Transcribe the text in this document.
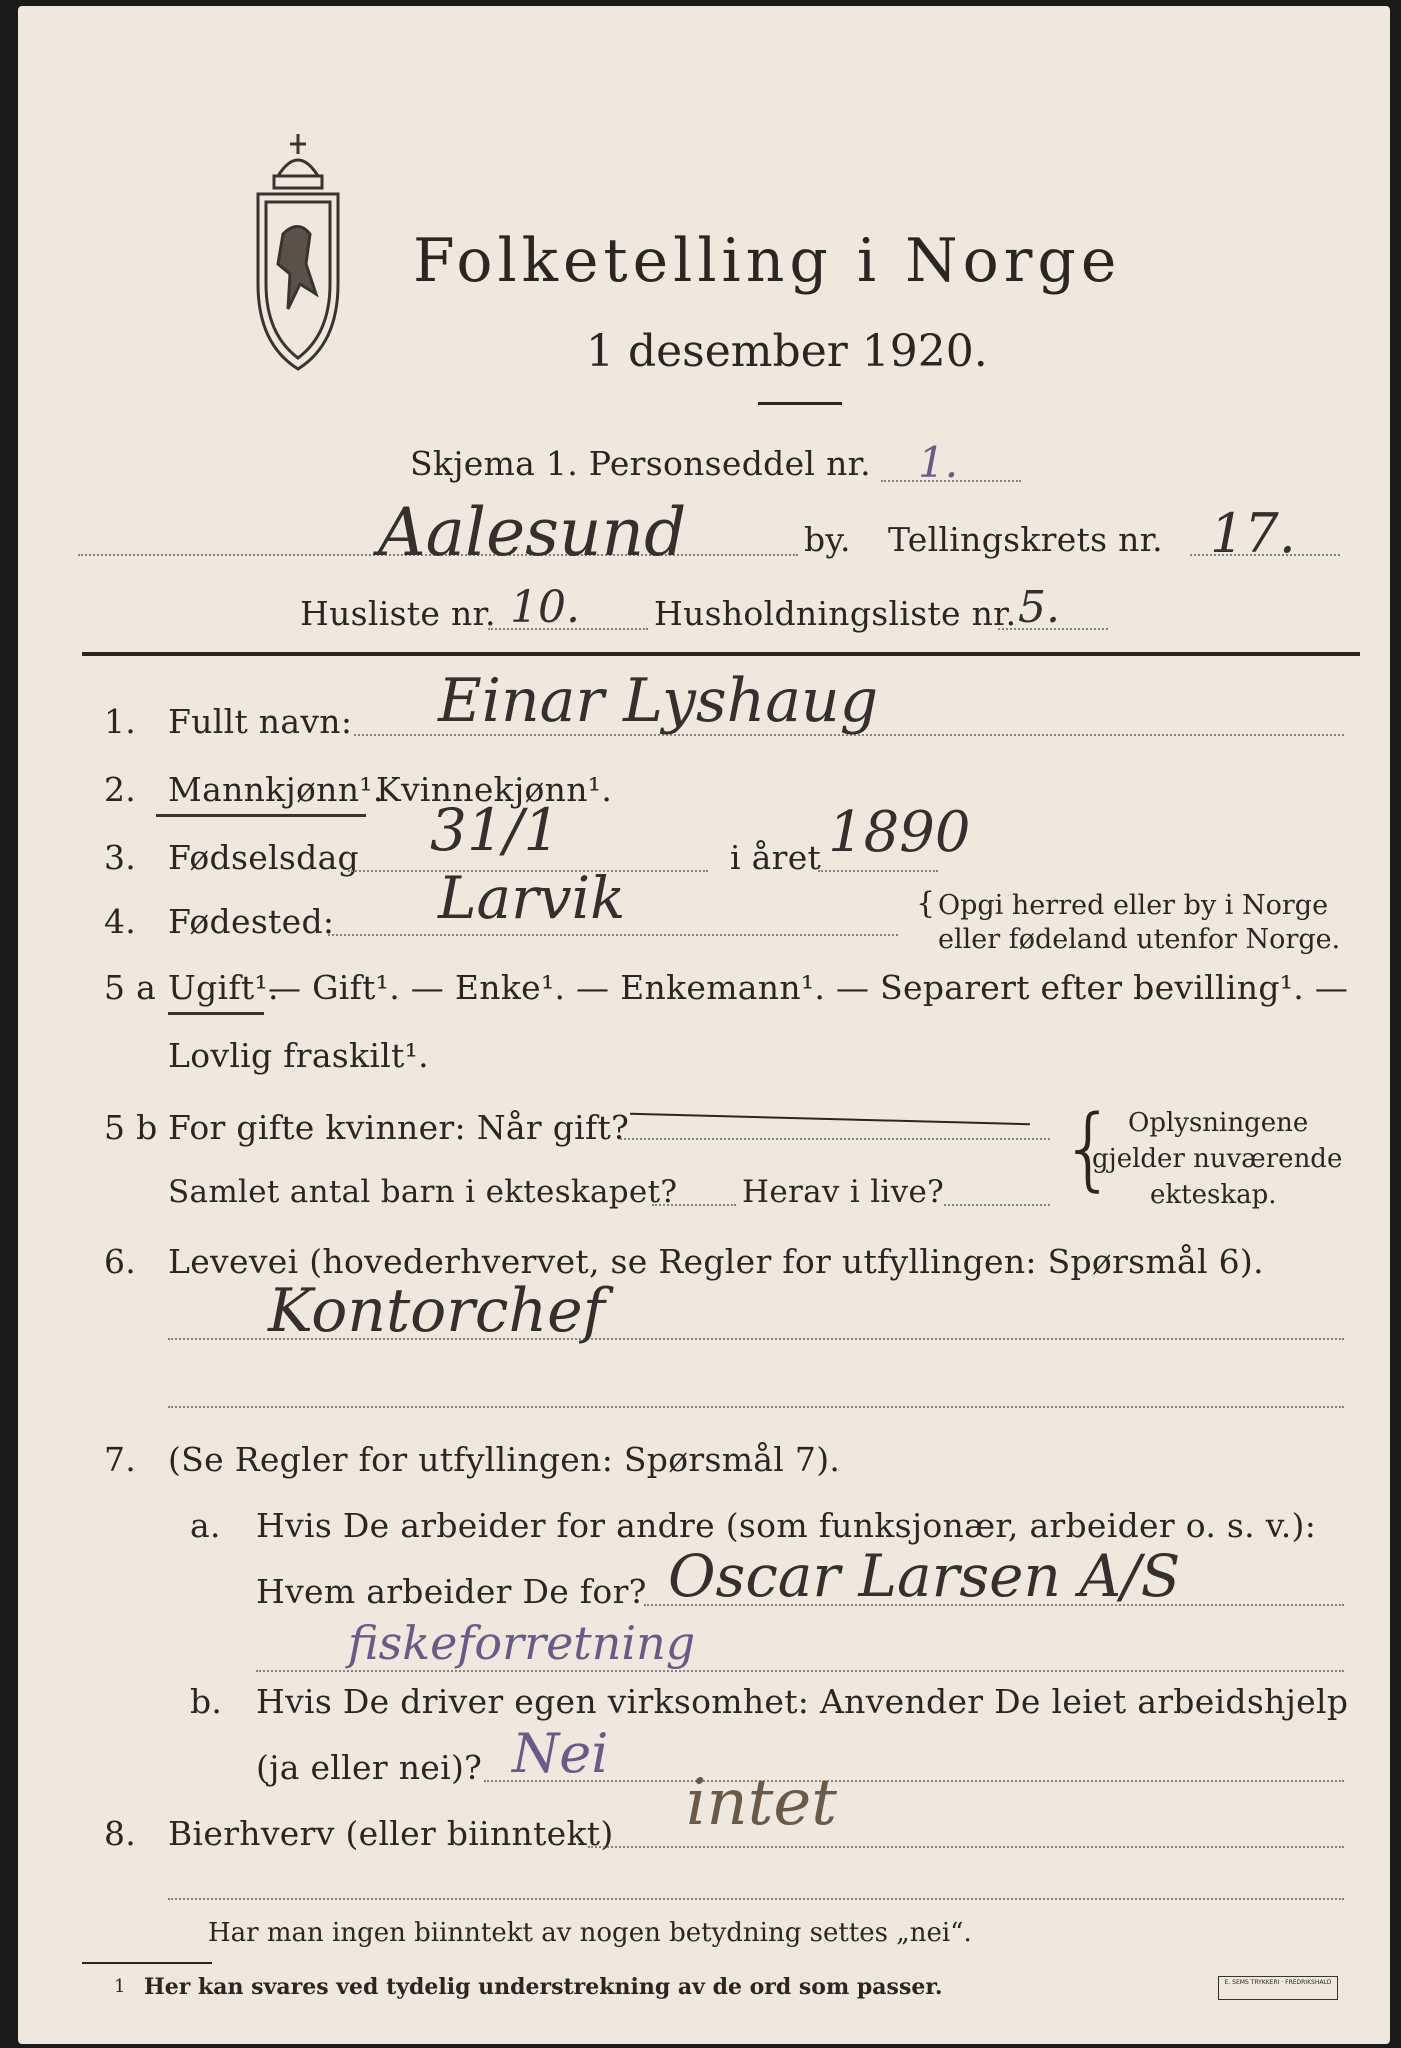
Folketelling i Norge
1 desember 1920.
Skjema 1. Personseddel nr. 1.
Aalesund	by. Tellingskrets nr. 17.
Husliste nr. 10. Husholdningsliste nr. 5.
1. Fullt navn: Einar Lyshaug
2. Mannkjønn¹.
Kvinnekjønn¹.
3. Fødselsdag 31/1	i året 1890
4. Fødested: Larvik	{ Opgi herred eller by i Norge
eller fødeland utenfor Norge.
5 a Ugift¹.
— Gift¹. — Enke¹. — Enkemann¹. — Separert efter bevilling¹. —
Lovlig fraskilt¹.
5 b For gifte kvinner: Når gift?
Samlet antal barn i ekteskapet? Herav i live? { Oplysningene
gjelder nuværende
ekteskap.
6. Levevei (hovederhvervet, se Regler for utfyllingen: Spørsmål 6).
Kontorchef
7. (Se Regler for utfyllingen: Spørsmål 7).
a. Hvis De arbeider for andre (som funksjonær, arbeider o. s. v.):
Hvem arbeider De for? Oscar Larsen A/S
fiskeforretning
b. Hvis De driver egen virksomhet: Anvender De leiet arbeidshjelp
(ja eller nei)? Nei
8. Bierhverv (eller biinntekt) intet
Har man ingen biinntekt av nogen betydning settes „nei“.
1 Her kan svares ved tydelig understrekning av de ord som passer.	E. SEMS TRYKKERI · FREDRIKSHALD
